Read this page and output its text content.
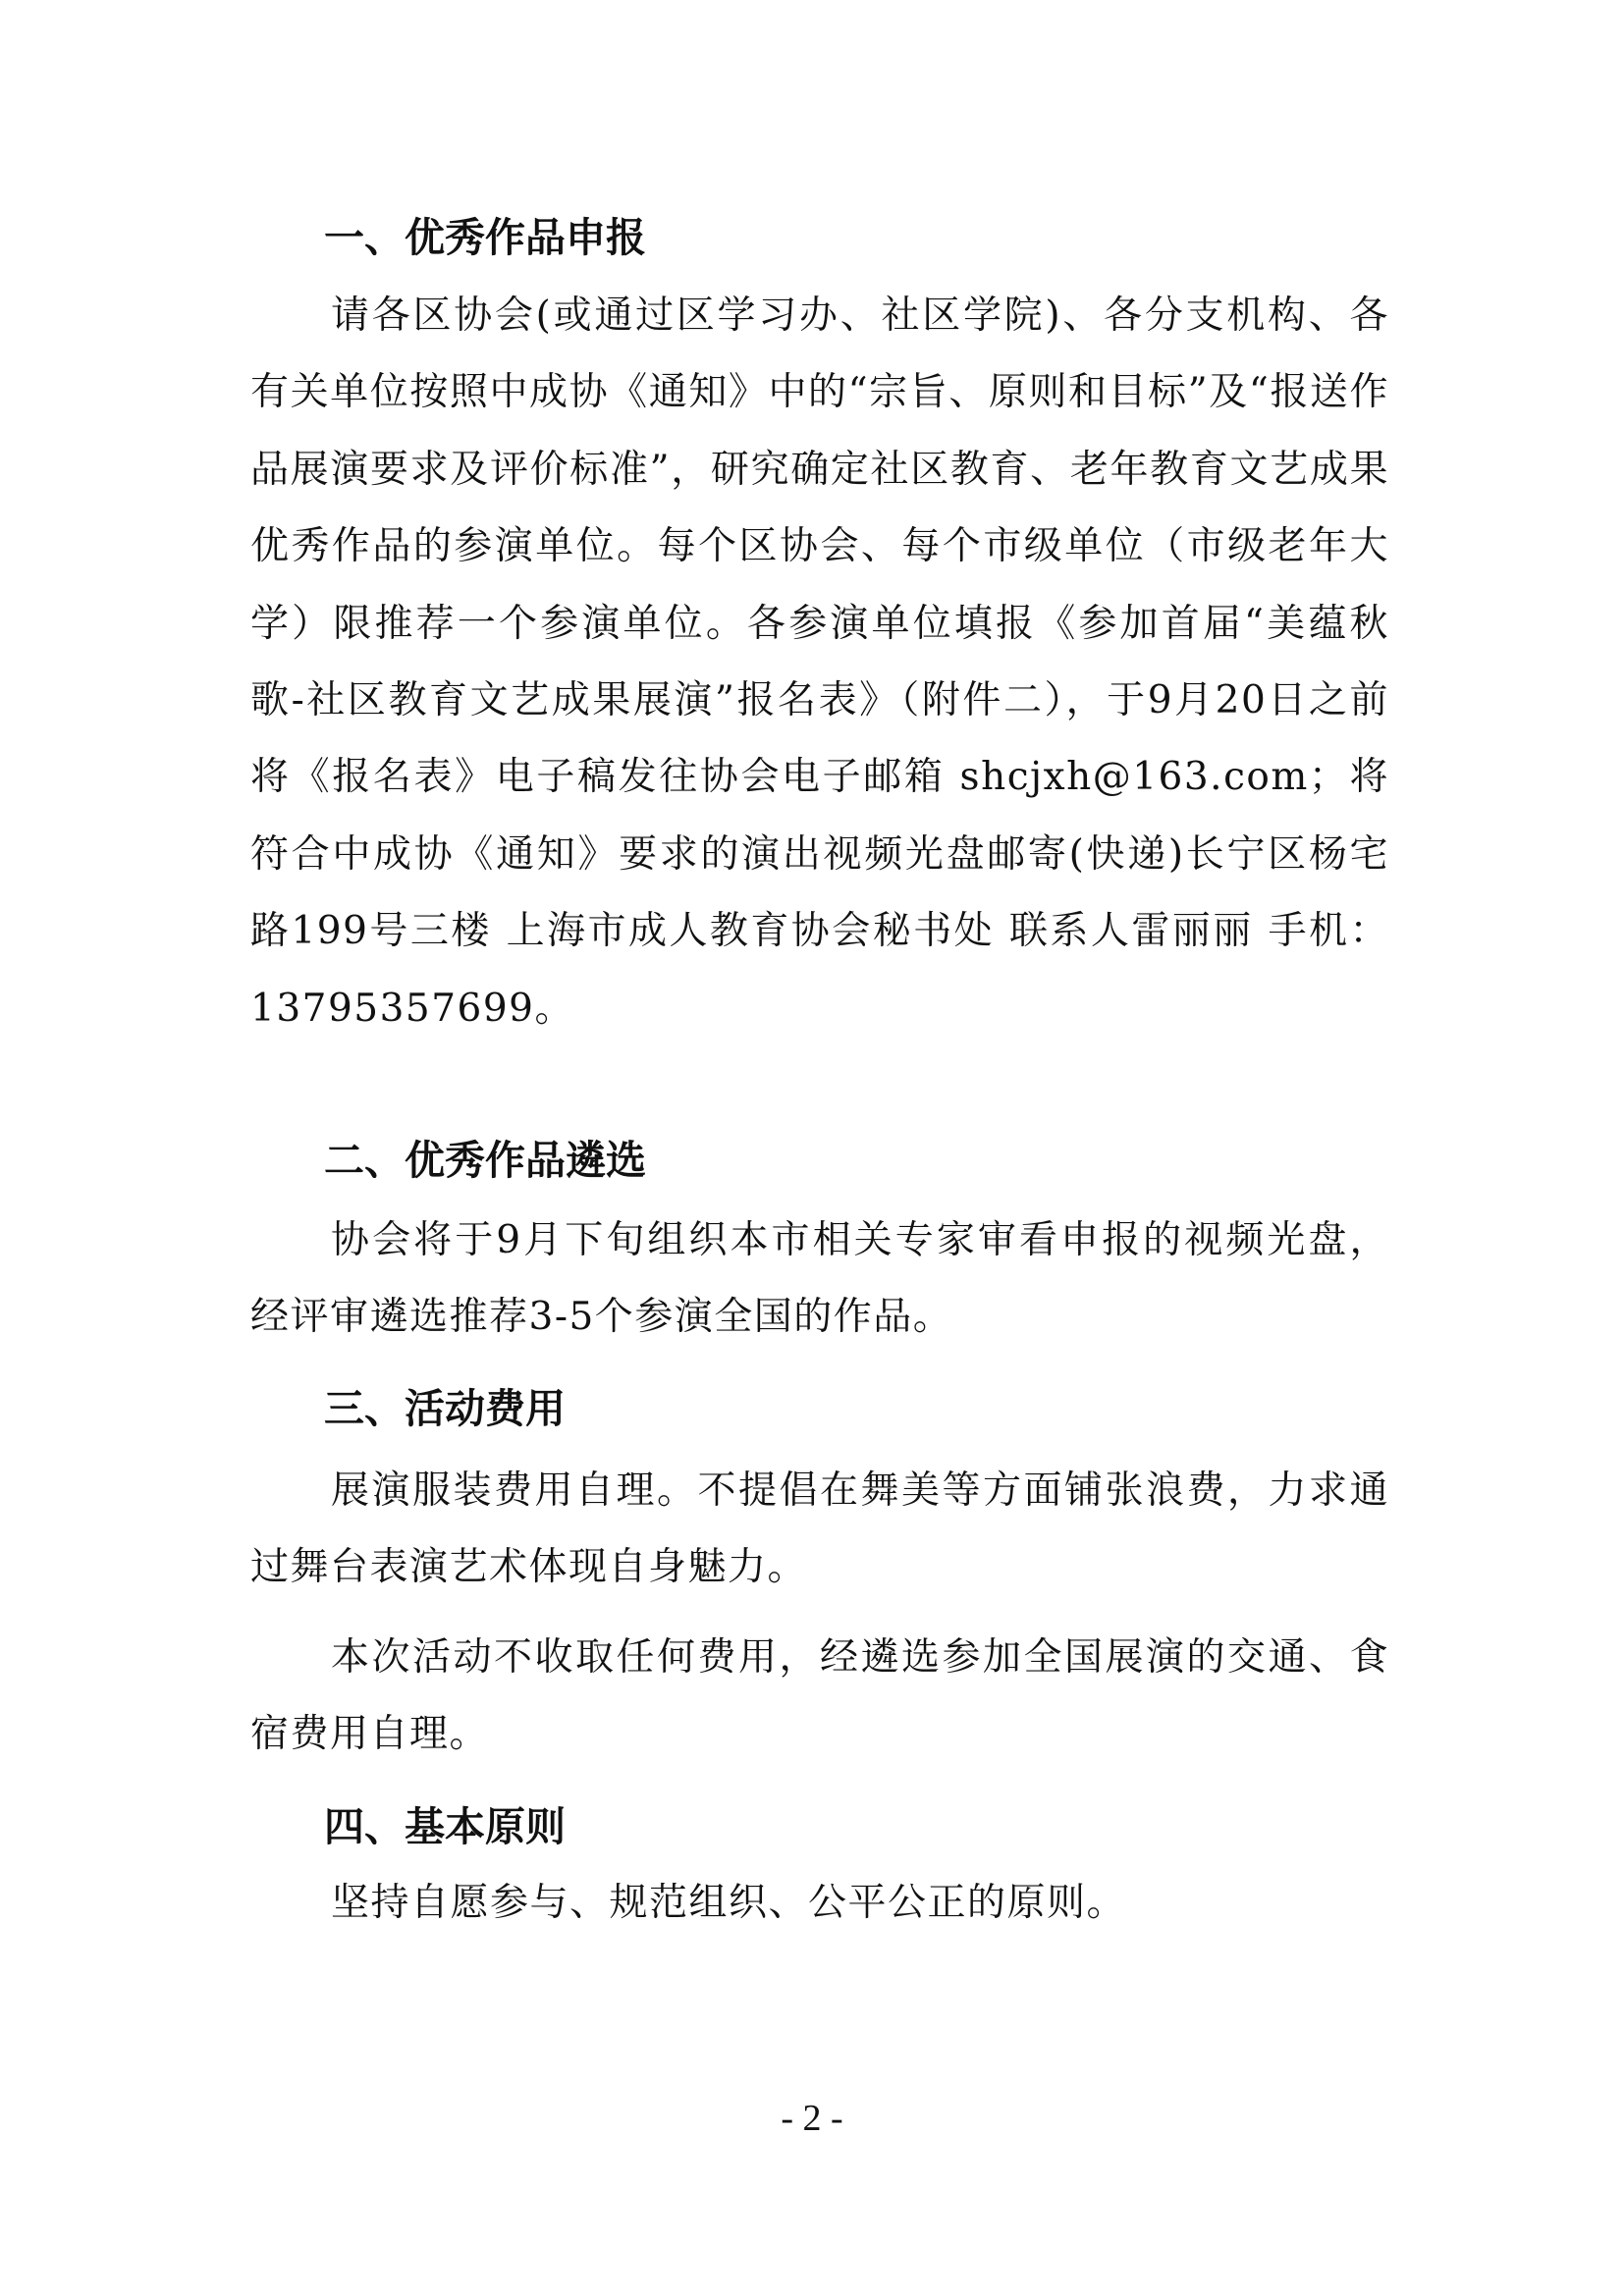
一、优秀作品申报

请各区协会(或通过区学习办、社区学院)、各分支机构、各有关单位按照中成协《通知》中的“宗旨、原则和目标”及“报送作品展演要求及评价标准”，研究确定社区教育、老年教育文艺成果优秀作品的参演单位。每个区协会、每个市级单位（市级老年大学）限推荐一个参演单位。各参演单位填报《参加首届“美蕴秋歌-社区教育文艺成果展演”报名表》（附件二），于9月20日之前将《报名表》电子稿发往协会电子邮箱 shcjxh@163.com；将符合中成协《通知》要求的演出视频光盘邮寄(快递)长宁区杨宅路199号三楼 上海市成人教育协会秘书处 联系人雷丽丽 手机：13795357699。

二、优秀作品遴选

协会将于9月下旬组织本市相关专家审看申报的视频光盘，经评审遴选推荐3-5个参演全国的作品。

三、活动费用

展演服装费用自理。不提倡在舞美等方面铺张浪费，力求通过舞台表演艺术体现自身魅力。

本次活动不收取任何费用，经遴选参加全国展演的交通、食宿费用自理。

四、基本原则

坚持自愿参与、规范组织、公平公正的原则。

- 2 -
